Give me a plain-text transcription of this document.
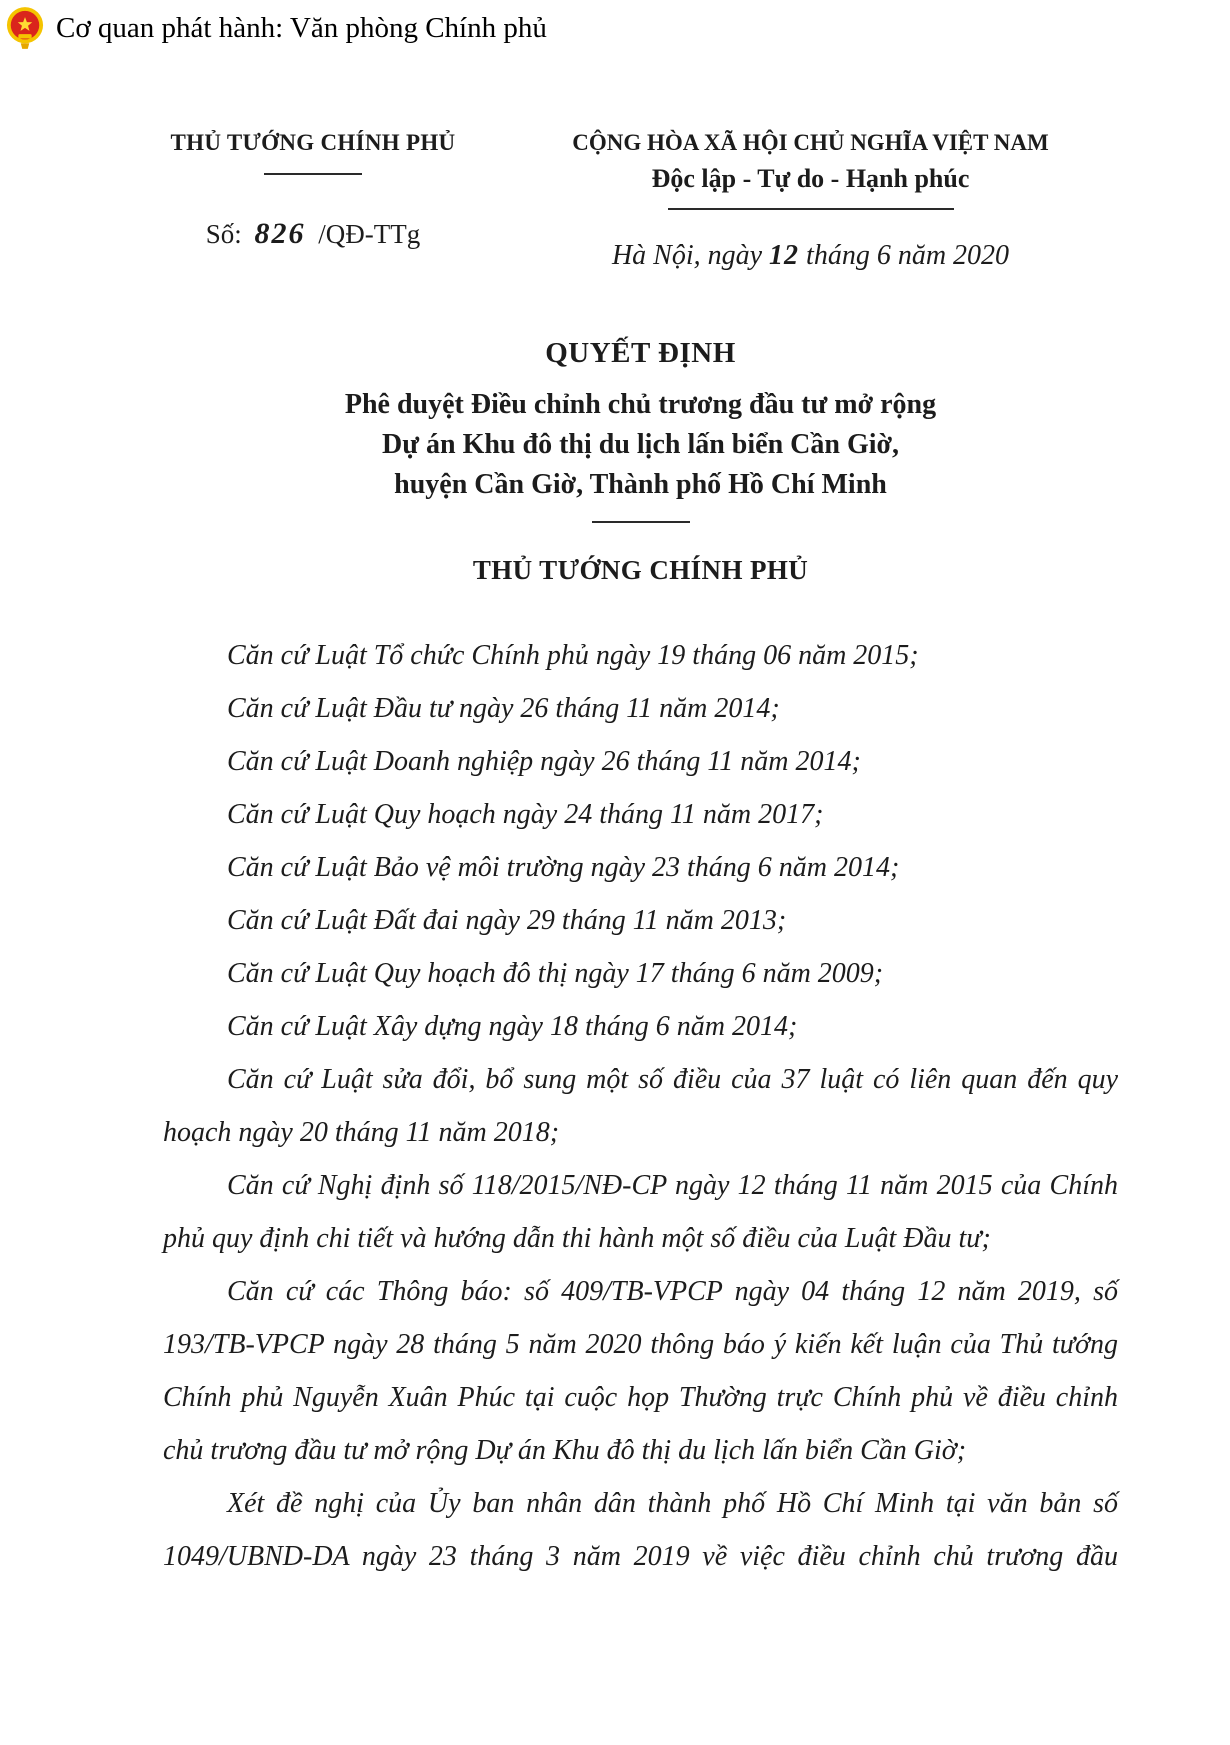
Cơ quan phát hành: Văn phòng Chính phủ
THỦ TƯỚNG CHÍNH PHỦ
Số: 826 /QĐ-TTg
CỘNG HÒA XÃ HỘI CHỦ NGHĨA VIỆT NAM
Độc lập - Tự do - Hạnh phúc
Hà Nội, ngày 12 tháng 6 năm 2020
QUYẾT ĐỊNH
Phê duyệt Điều chỉnh chủ trương đầu tư mở rộng
Dự án Khu đô thị du lịch lấn biển Cần Giờ,
huyện Cần Giờ, Thành phố Hồ Chí Minh
THỦ TƯỚNG CHÍNH PHỦ

Căn cứ Luật Tổ chức Chính phủ ngày 19 tháng 06 năm 2015;

Căn cứ Luật Đầu tư ngày 26 tháng 11 năm 2014;

Căn cứ Luật Doanh nghiệp ngày 26 tháng 11 năm 2014;

Căn cứ Luật Quy hoạch ngày 24 tháng 11 năm 2017;

Căn cứ Luật Bảo vệ môi trường ngày 23 tháng 6 năm 2014;

Căn cứ Luật Đất đai ngày 29 tháng 11 năm 2013;

Căn cứ Luật Quy hoạch đô thị ngày 17 tháng 6 năm 2009;

Căn cứ Luật Xây dựng ngày 18 tháng 6 năm 2014;

Căn cứ Luật sửa đổi, bổ sung một số điều của 37 luật có liên quan đến quy hoạch ngày 20 tháng 11 năm 2018;

Căn cứ Nghị định số 118/2015/NĐ-CP ngày 12 tháng 11 năm 2015 của Chính phủ quy định chi tiết và hướng dẫn thi hành một số điều của Luật Đầu tư;

Căn cứ các Thông báo: số 409/TB-VPCP ngày 04 tháng 12 năm 2019, số 193/TB-VPCP ngày 28 tháng 5 năm 2020 thông báo ý kiến kết luận của Thủ tướng Chính phủ Nguyễn Xuân Phúc tại cuộc họp Thường trực Chính phủ về điều chỉnh chủ trương đầu tư mở rộng Dự án Khu đô thị du lịch lấn biển Cần Giờ;

Xét đề nghị của Ủy ban nhân dân thành phố Hồ Chí Minh tại văn bản số 1049/UBND-DA ngày 23 tháng 3 năm 2019 về việc điều chỉnh chủ trương đầu
